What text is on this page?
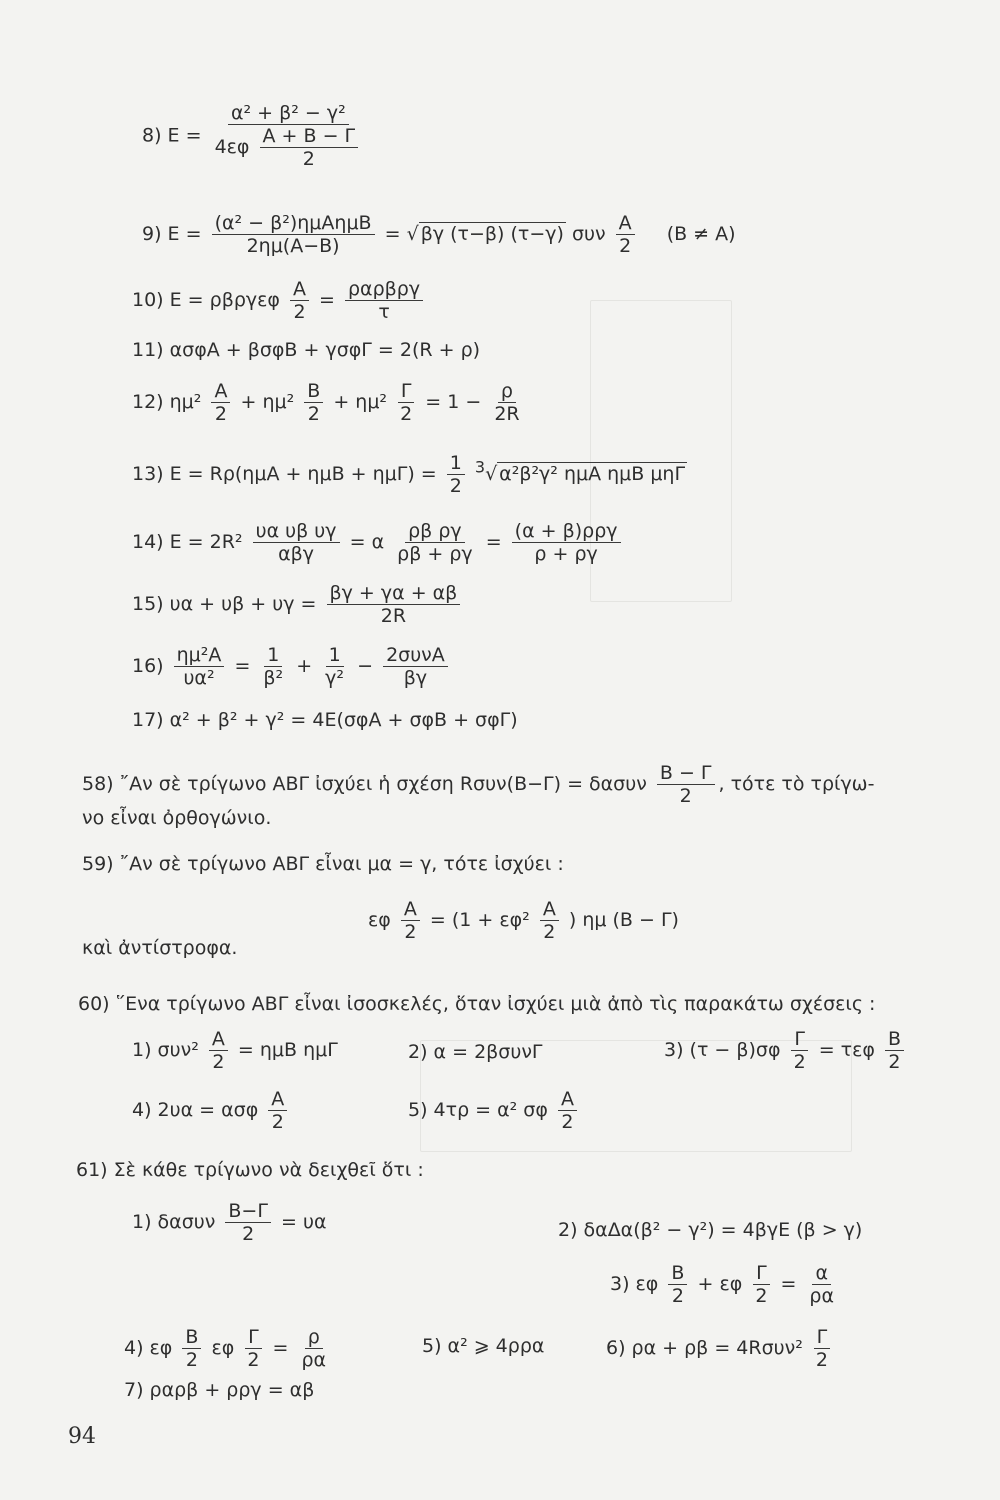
8) $E = \frac{\text{α² + β² − γ²}}{4\varepsilon\varphi \frac{A + B - \Gamma}{2}}$
9) Ε = (α² − β²)ημΑημΒ
2ημ(Α−Β)
= √ βγ (τ−β) (τ−γ) συν $\frac{A}{2} (B \ne A)$
10) Ε = ρβργεφ $\frac{A}{2} = \rho\alpha\rho\beta\rho\gamma$
τ
11) ασφΑ + βσφΒ + γσφΓ = 2(R + ρ)
12) $\eta\mu^2 \frac{A}{2} + \eta\mu^2 \frac{B}{2} + \eta\mu^2 \frac{\Gamma}{2} = 1 - \frac{\rho}{2R}$
13) $E = R\rho(\eta\mu A + \eta\mu B + \eta\mu\Gamma) = \frac{1}{2} ^3√$ α²β²γ² ημΑ ημΒ μηΓ
14) Ε = 2R² υα υβ υγ
αβγ
= α $\frac{\text{ρβ ργ}}{\rho\beta + \rho\gamma} = (\alpha + \beta)\rho\rho\gamma$
ρ + ργ
15) $\upsilon\alpha + \upsilon\beta + \upsilon\gamma = \frac{\beta\gamma + \gamma\alpha + \alpha\beta}{2R}$
$16) \frac{\text{ημ²Α}}{\text{υα²}} = \frac{1}{\text{β²}} + \frac{1}{\text{γ²}} - 2\sigma\upsilon\nu A$
βγ
17) α² + β² + γ² = 4Ε(σφΑ + σφΒ + σφΓ)
58) ῎Αν σὲ τρίγωνο ΑΒΓ ἰσχύει ἡ σχέση Rσυν(Β−Γ) = δασυν $\frac{B - \Gamma}{2}$ , τότε τὸ τρίγω-
νο εἶναι ὀρθογώνιο.
59) ῎Αν σὲ τρίγωνο ΑΒΓ εἶναι μα = γ, τότε ἰσχύει :
εφ $\frac{A}{2} = (1 + \varepsilon\varphi^2 \frac{A}{2}$ ) ημ (Β − Γ)
καὶ ἀντίστροφα.
60) ῞Ενα τρίγωνο ΑΒΓ εἶναι ἰσοσκελές, ὅταν ἰσχύει μιὰ ἀπὸ τὶς παρακάτω σχέσεις :
1) $\sigma\upsilon\nu^2 \frac{A}{2} = \eta\mu B$ ημΓ	2) α = 2βσυνΓ	3) $(\tau - \beta)\sigma\varphi \frac{\Gamma}{2} = \tau\varepsilon\varphi \frac{B}{2}$
4) 2υα = ασφ $\frac{A}{2}$	5) 4τρ = α² σφ $\frac{A}{2}$
61) Σὲ κάθε τρίγωνο νὰ δειχθεῖ ὅτι :
1) δασυν $\frac{B-\Gamma}{2} = \upsilon\alpha$	2) δαΔα(β² − γ²) = 4βγΕ (β > γ)
3) εφ $\frac{B}{2} + \varepsilon\varphi \frac{\Gamma}{2} = \frac{\alpha}{\rho\alpha}$
4) εφ $\frac{B}{2}$ εφ $\frac{\Gamma}{2} = \frac{\rho}{\rho\alpha}$	5) α² ⩾ 4ρρα	6) $\rho\alpha + \rho\beta = 4R\sigma\upsilon\nu^2 \frac{\Gamma}{2}$
7) ραρβ + ρργ = αβ
94
